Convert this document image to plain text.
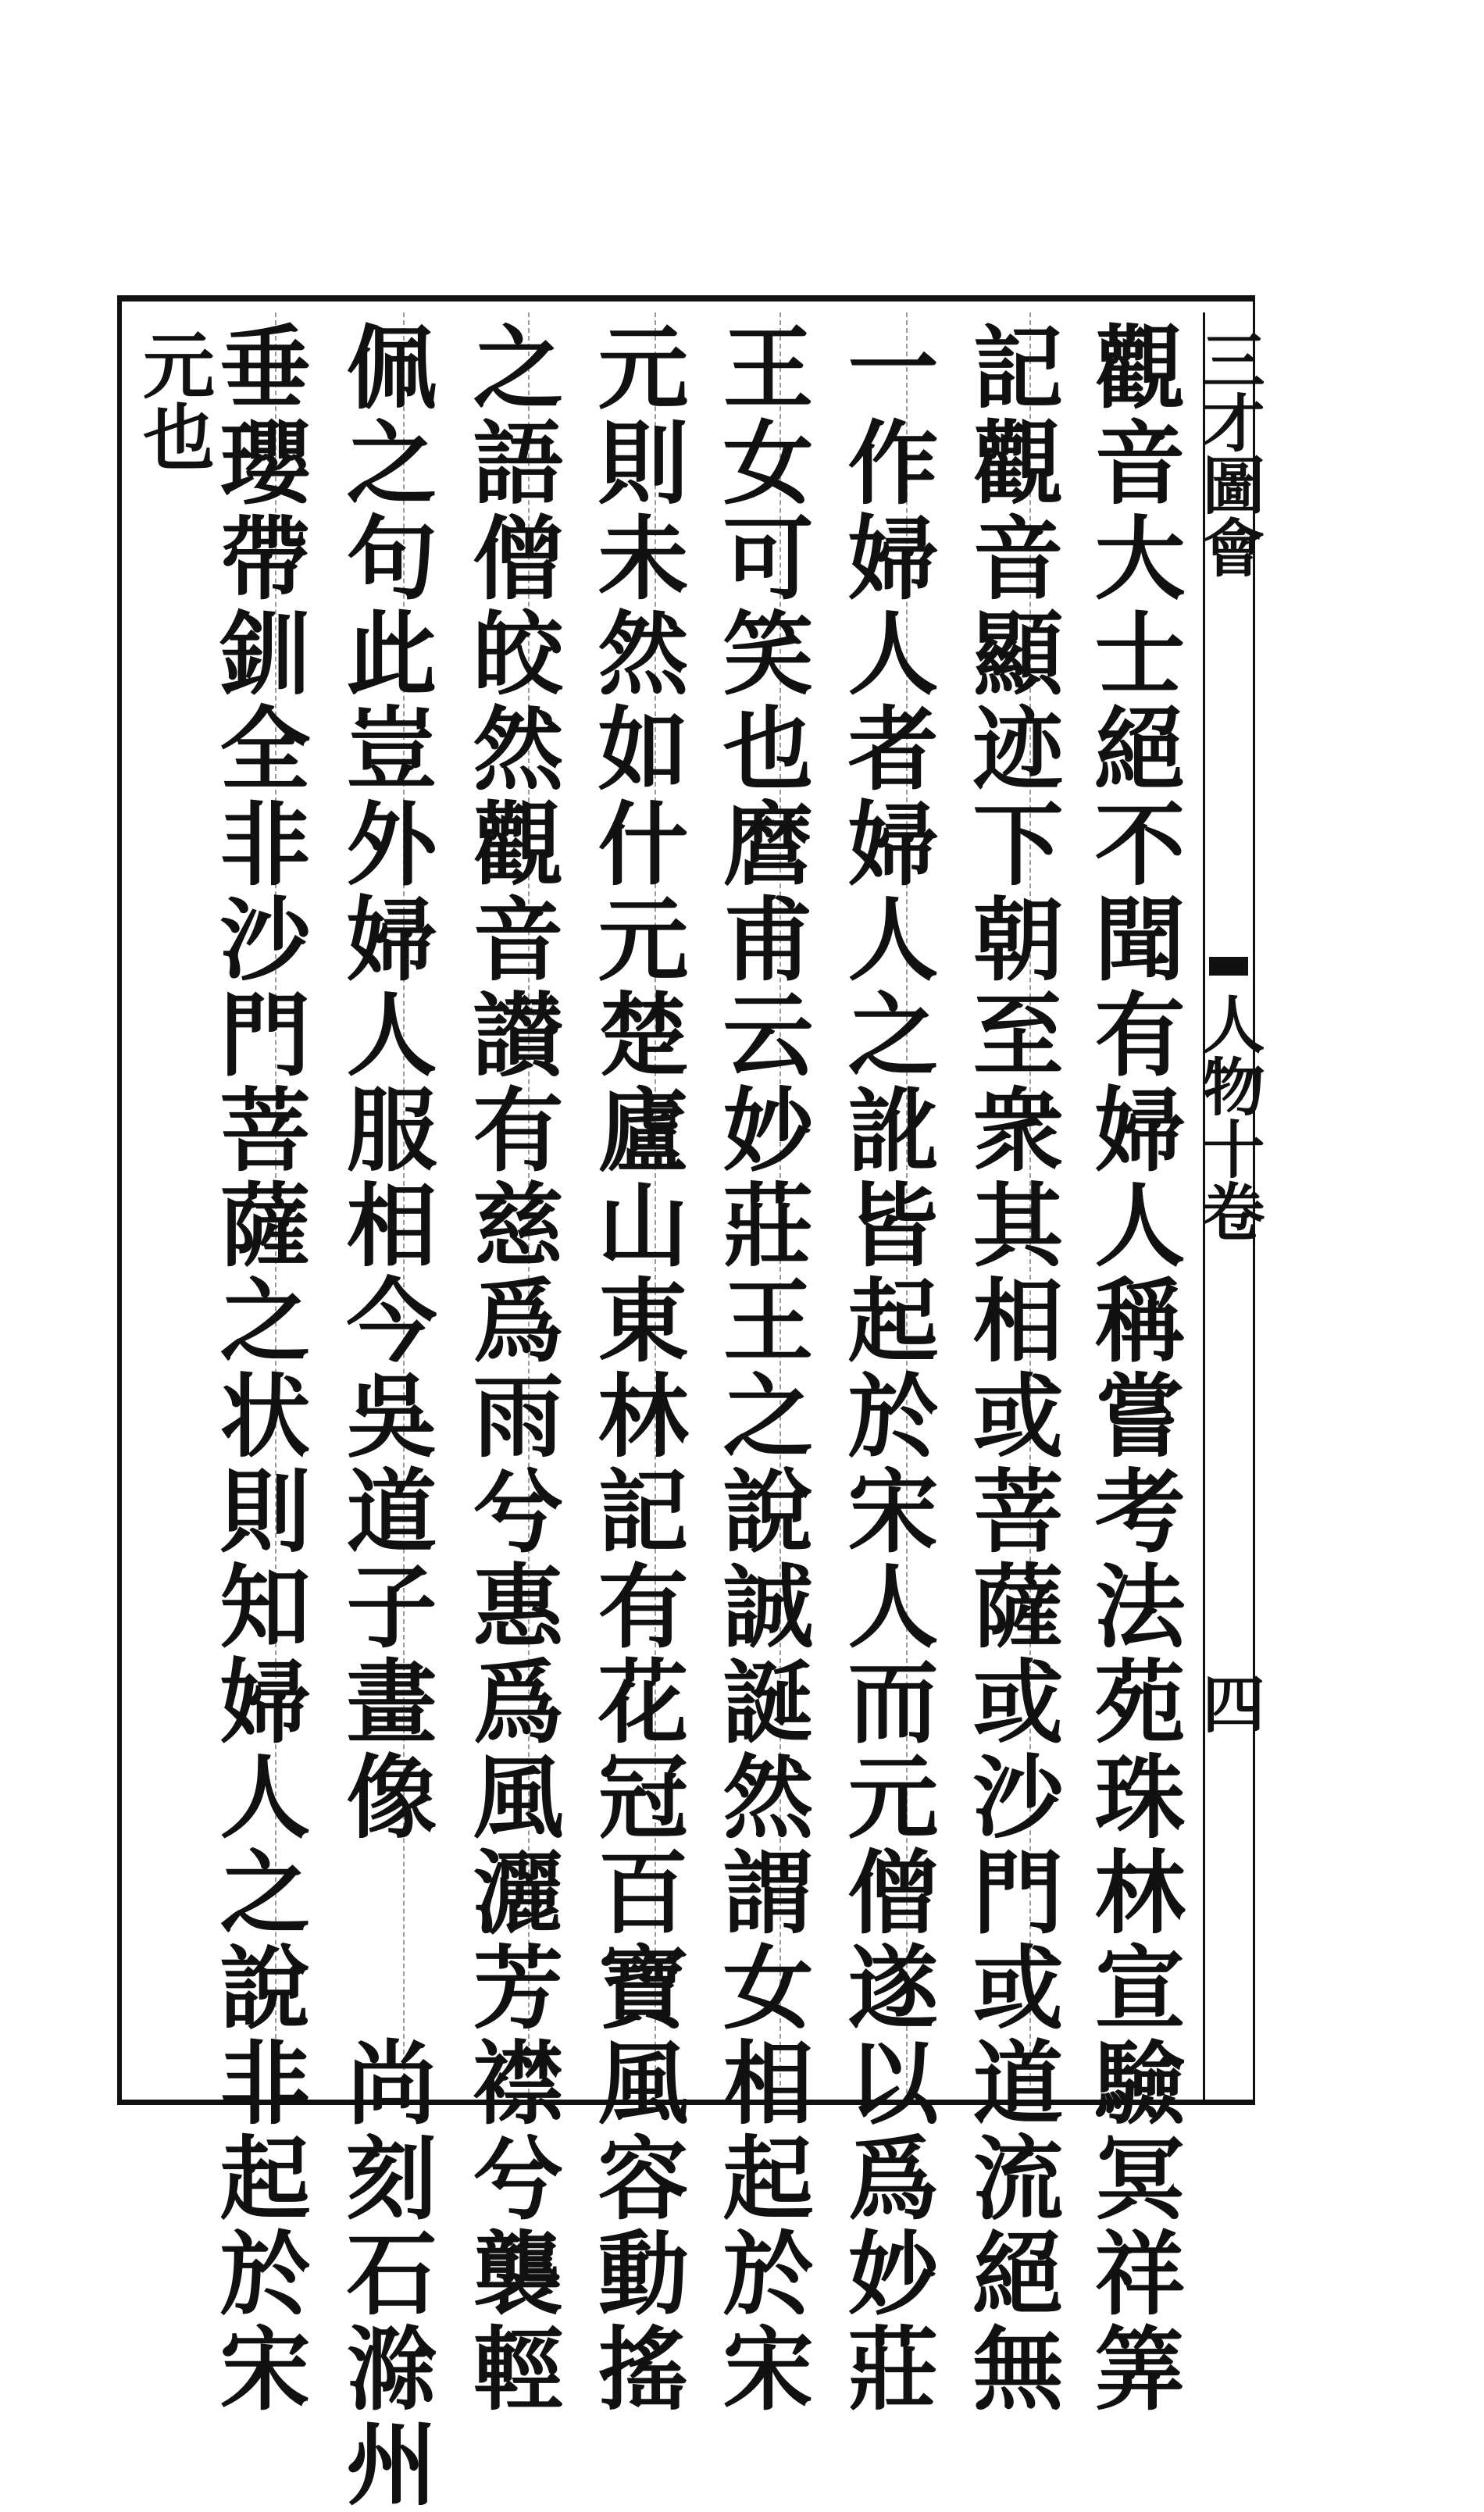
三才圖會
人物十卷
四
觀音大士絕不聞有婦人稱嘗考法苑珠林宣驗冥祥筭
記觀音顯迹下朝至衆其相或菩薩或沙門或道流絕無
一作婦人者婦人之訛皆起於宋人而元僧遂以爲妙莊
王女可笑也麿甫云妙莊王之說誠誕然謂女相起於宋
元則未然如什元楚廬山東林記有花冠百寶風容動搖
之語僧皎然觀音讃有慈爲雨兮惠爲風灑芳襟兮襲輕
佩之句此豈外婦人服相今吳道子畫像　　尚刻石滁州
垂瓔帶釧全非沙門菩薩之状則知婦人之說非起於宋
元也
